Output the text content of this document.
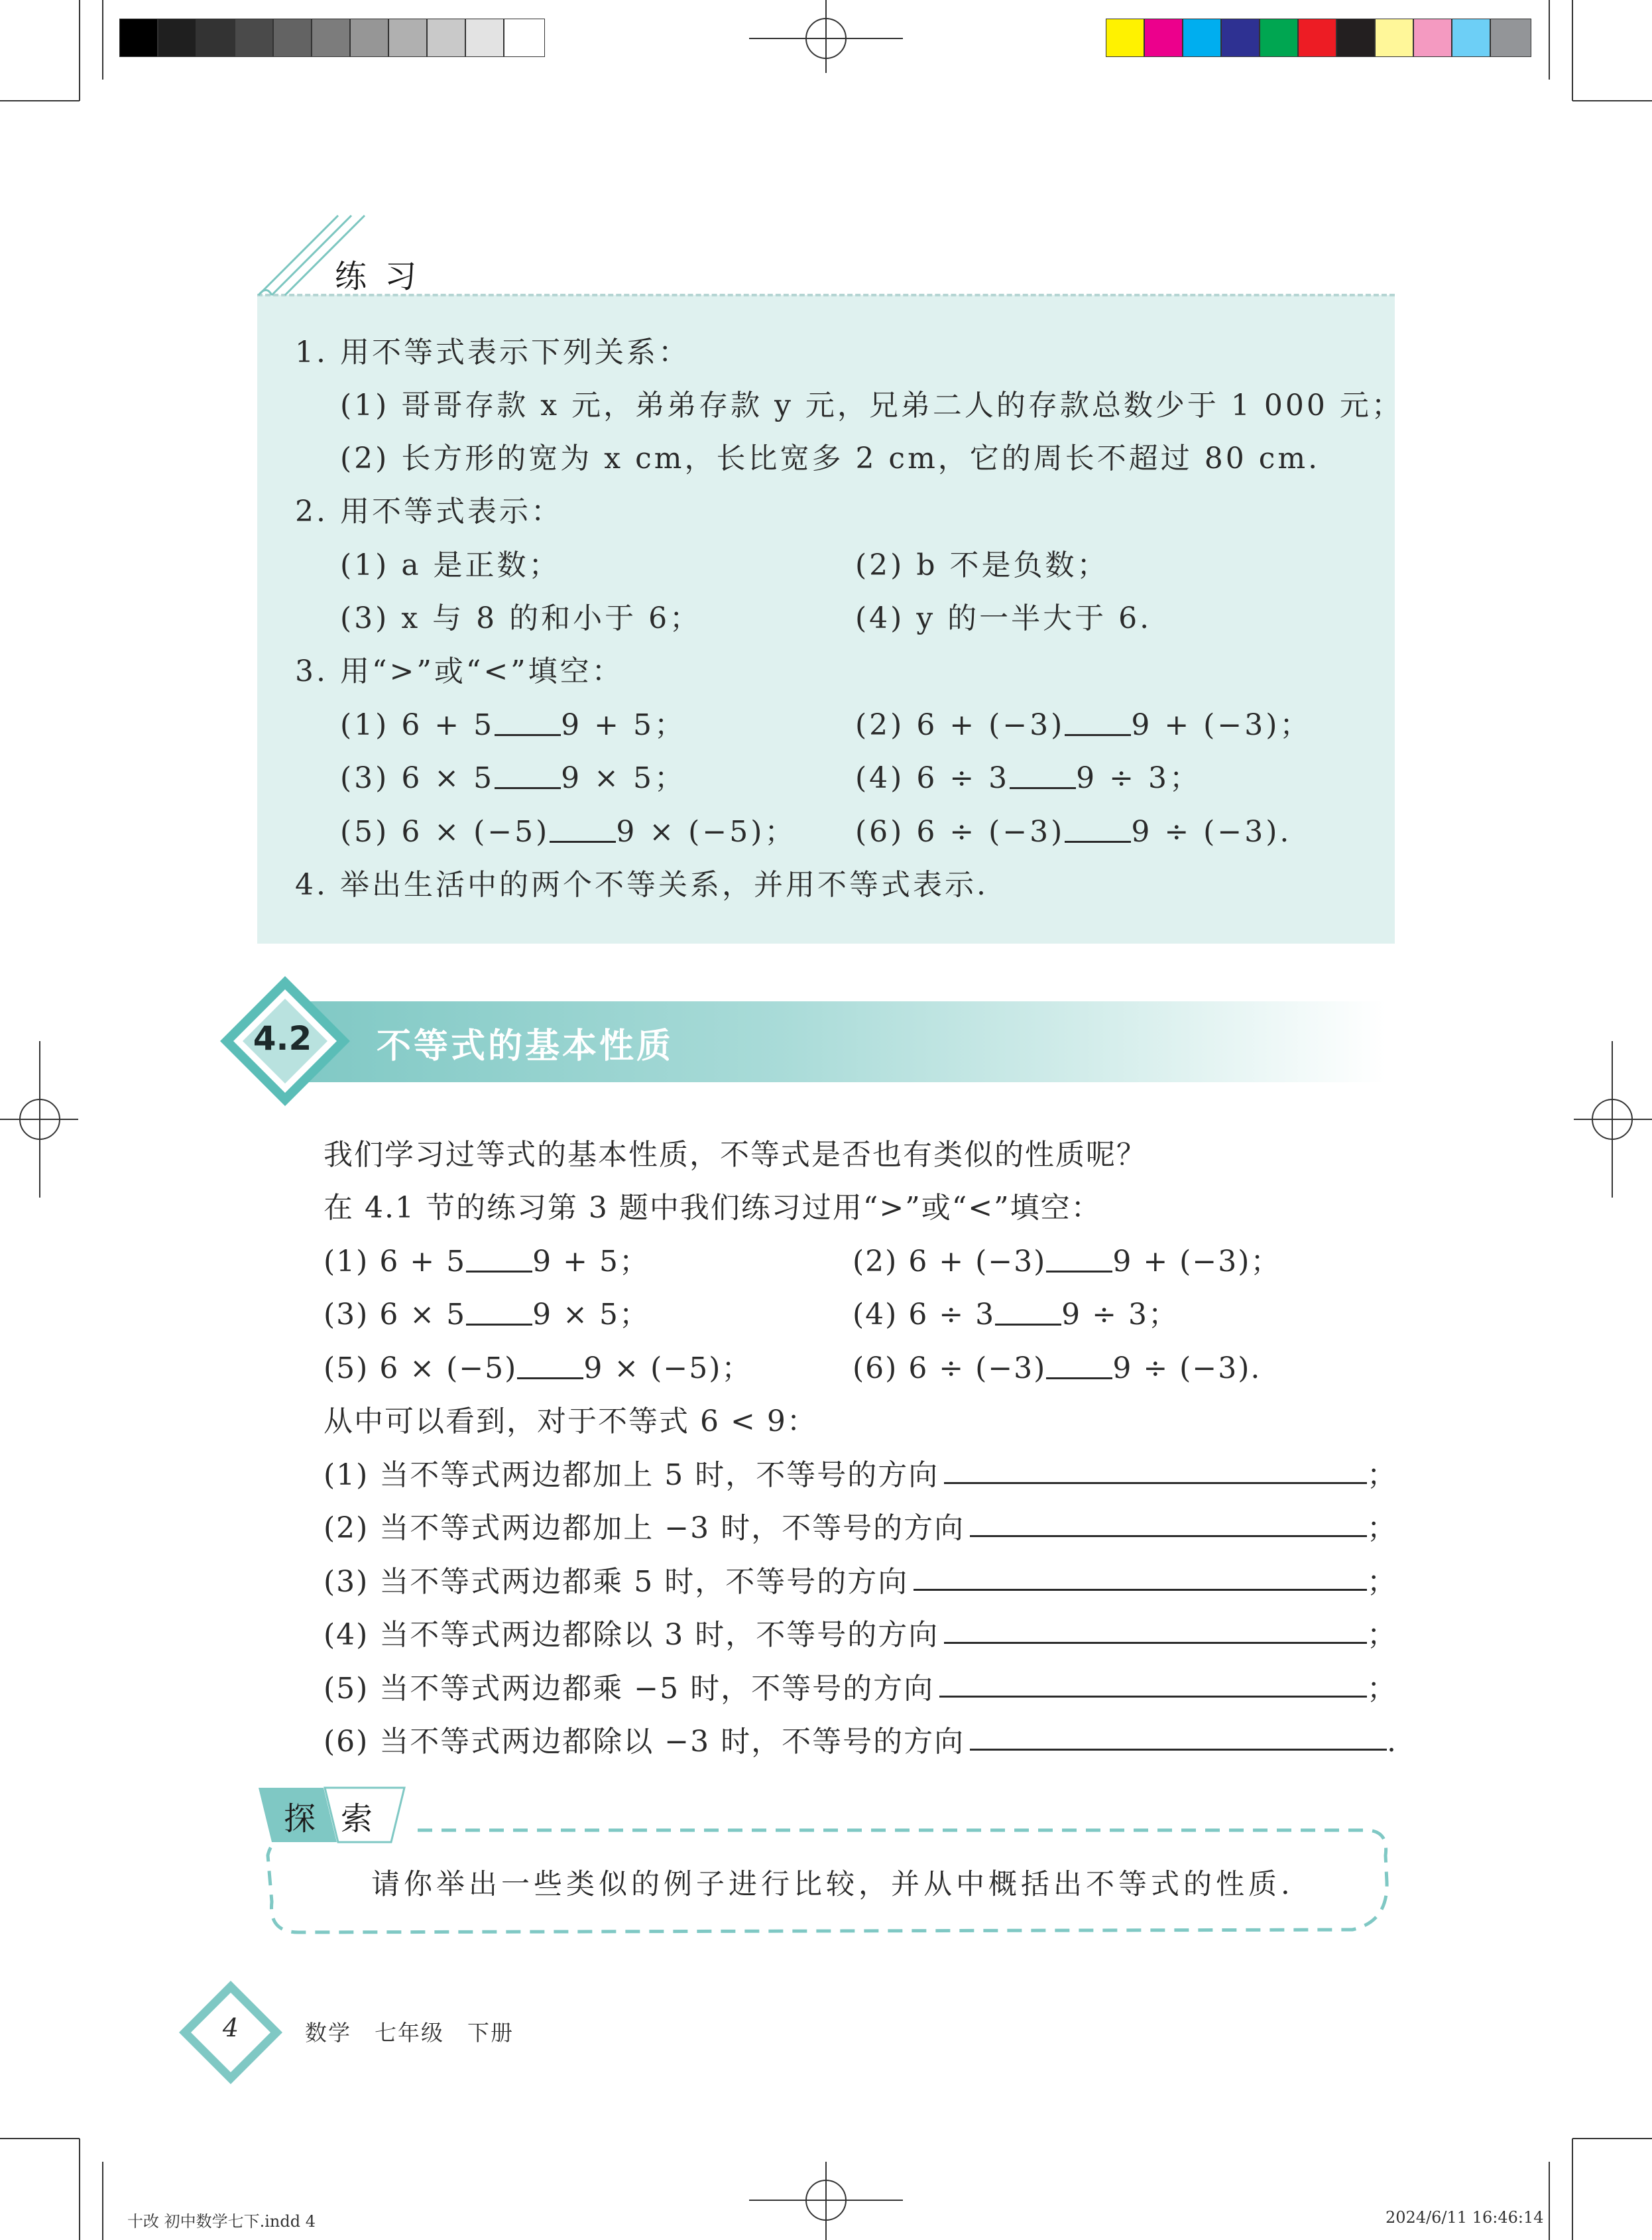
练 习
1. 用不等式表示下列关系：
(1) 哥哥存款 x 元，弟弟存款 y 元，兄弟二人的存款总数少于 1 000 元；
(2) 长方形的宽为 x cm，长比宽多 2 cm，它的周长不超过 80 cm.
2. 用不等式表示：
(1) a 是正数；	(2) b 不是负数；
(3) x 与 8 的和小于 6；	(4) y 的一半大于 6.
3. 用“>”或“<”填空：
(1) 6 + 5 9 + 5；	(2) 6 + (−3) 9 + (−3)；
(3) 6 × 5 9 × 5；	(4) 6 ÷ 3 9 ÷ 3；
(5) 6 × (−5) 9 × (−5)； (6) 6 ÷ (−3) 9 ÷ (−3).
4. 举出生活中的两个不等关系，并用不等式表示.
4.2 不等式的基本性质
我们学习过等式的基本性质，不等式是否也有类似的性质呢？
在 4.1 节的练习第 3 题中我们练习过用“>”或“<”填空：
(1) 6 + 5 9 + 5；	(2) 6 + (−3) 9 + (−3)；
(3) 6 × 5 9 × 5；	(4) 6 ÷ 3 9 ÷ 3；
(5) 6 × (−5) 9 × (−5)；	(6) 6 ÷ (−3) 9 ÷ (−3).
从中可以看到，对于不等式 6 < 9：
(1) 当不等式两边都加上 5 时，不等号的方向	；
(2) 当不等式两边都加上 −3 时，不等号的方向	；
(3) 当不等式两边都乘 5 时，不等号的方向	；
(4) 当不等式两边都除以 3 时，不等号的方向	；
(5) 当不等式两边都乘 −5 时，不等号的方向	；
(6) 当不等式两边都除以 −3 时，不等号的方向	.
探 索
请你举出一些类似的例子进行比较，并从中概括出不等式的性质.
4	数学　七年级　下册
十改 初中数学七下.indd 4	2024/6/11 16:46:14
